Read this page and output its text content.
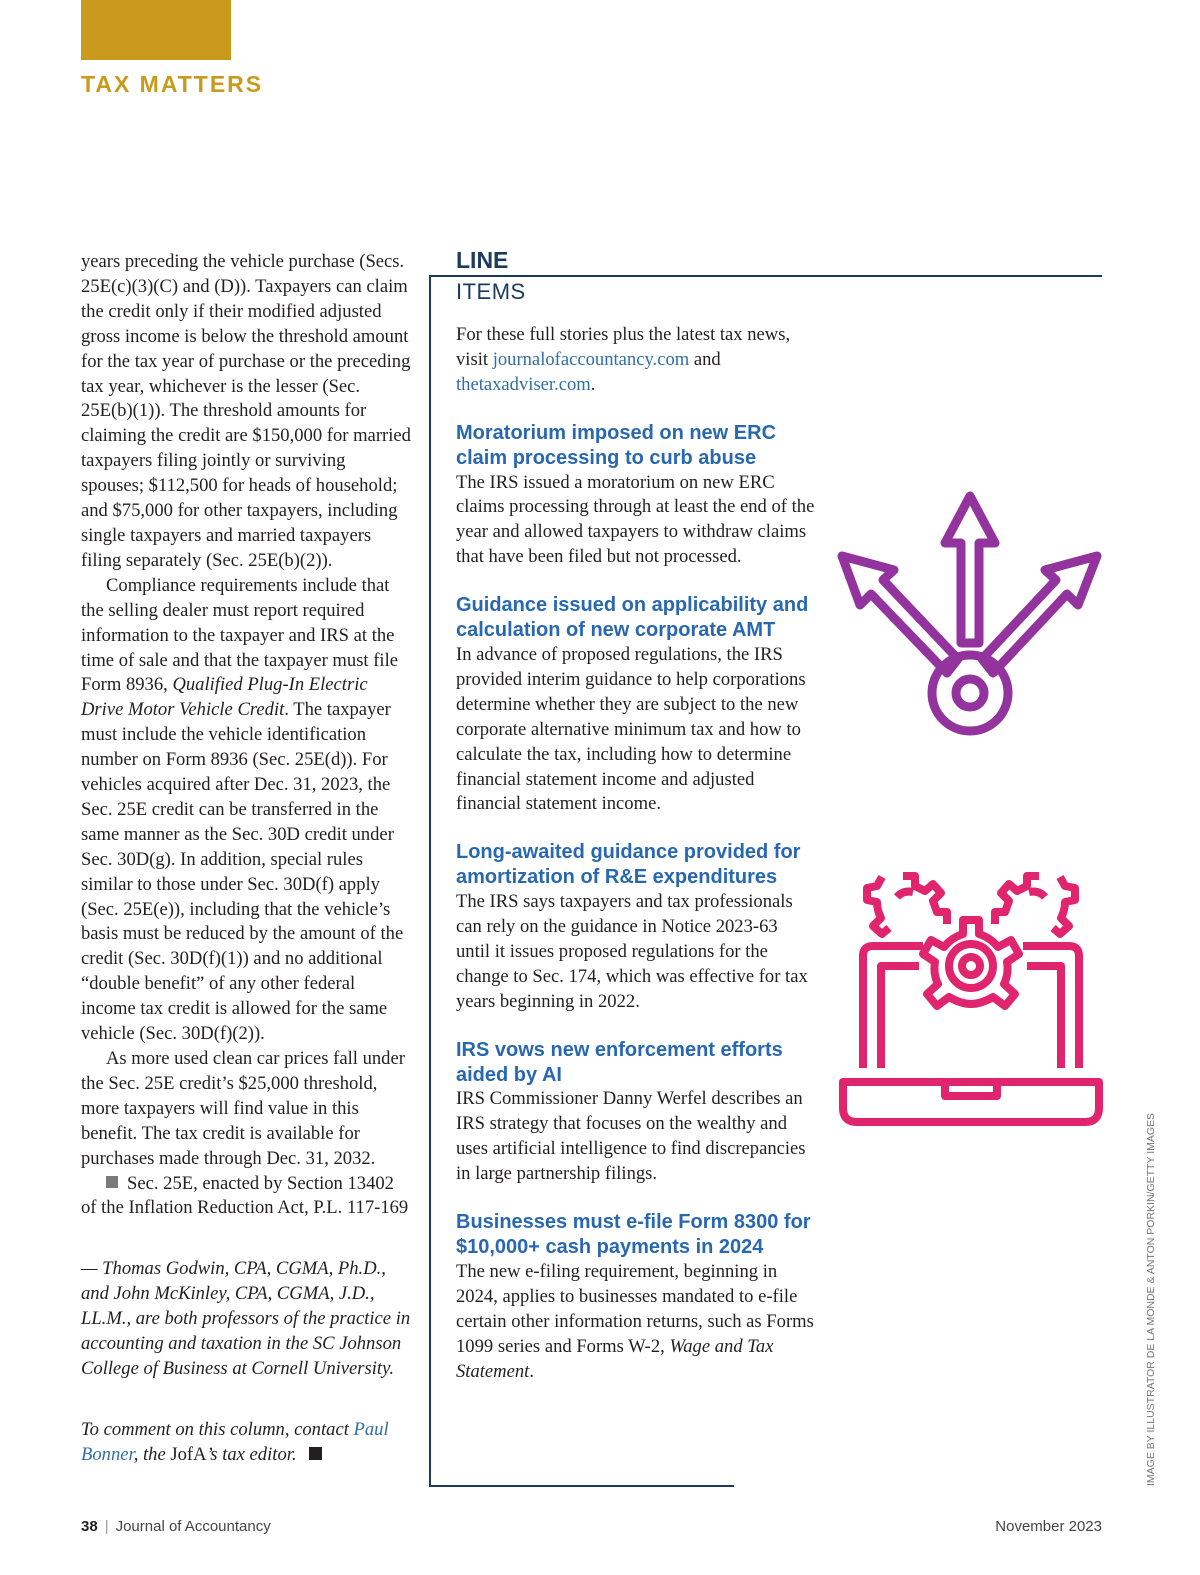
TAX MATTERS

years preceding the vehicle purchase (Secs. 25E(c)(3)(C) and (D)). Taxpayers can claim the credit only if their modified adjusted gross income is below the threshold amount for the tax year of purchase or the preceding tax year, whichever is the lesser (Sec. 25E(b)(1)). The threshold amounts for claiming the credit are $150,000 for married taxpayers filing jointly or surviving spouses; $112,500 for heads of household; and $75,000 for other taxpayers, including single taxpayers and married taxpayers filing separately (Sec. 25E(b)(2)).

Compliance requirements include that the selling dealer must report required information to the taxpayer and IRS at the time of sale and that the taxpayer must file Form 8936, Qualified Plug-In Electric Drive Motor Vehicle Credit. The taxpayer must include the vehicle identification number on Form 8936 (Sec. 25E(d)). For vehicles acquired after Dec. 31, 2023, the Sec. 25E credit can be transferred in the same manner as the Sec. 30D credit under Sec. 30D(g). In addition, special rules similar to those under Sec. 30D(f) apply (Sec. 25E(e)), including that the vehicle’s basis must be reduced by the amount of the credit (Sec. 30D(f)(1)) and no additional “double benefit” of any other federal income tax credit is allowed for the same vehicle (Sec. 30D(f)(2)).

As more used clean car prices fall under the Sec. 25E credit’s $25,000 threshold, more taxpayers will find value in this benefit. The tax credit is available for purchases made through Dec. 31, 2032.

Sec. 25E, enacted by Section 13402 of the Inflation Reduction Act, P.L. 117-169

— Thomas Godwin, CPA, CGMA, Ph.D., and John McKinley, CPA, CGMA, J.D., LL.M., are both professors of the practice in accounting and taxation in the SC Johnson College of Business at Cornell University.

To comment on this column, contact Paul Bonner, the JofA’s tax editor.

LINE

ITEMS

For these full stories plus the latest tax news, visit journalofaccountancy.com and thetaxadviser.com.

Moratorium imposed on new ERC claim processing to curb abuse

The IRS issued a moratorium on new ERC claims processing through at least the end of the year and allowed taxpayers to withdraw claims that have been filed but not processed.

Guidance issued on applicability and calculation of new corporate AMT

In advance of proposed regulations, the IRS provided interim guidance to help corporations determine whether they are subject to the new corporate alternative minimum tax and how to calculate the tax, including how to determine financial statement income and adjusted financial statement income.

Long-awaited guidance provided for amortization of R&E expenditures

The IRS says taxpayers and tax professionals can rely on the guidance in Notice 2023-63 until it issues proposed regulations for the change to Sec. 174, which was effective for tax years beginning in 2022.

IRS vows new enforcement efforts aided by AI

IRS Commissioner Danny Werfel describes an IRS strategy that focuses on the wealthy and uses artificial intelligence to find discrepancies in large partnership filings.

Businesses must e-file Form 8300 for $10,000+ cash payments in 2024

The new e-filing requirement, beginning in 2024, applies to businesses mandated to e-file certain other information returns, such as Forms 1099 series and Forms W-2, Wage and Tax Statement.	IMAGE BY ILLUSTRATOR DE LA MONDE & ANTON PORKIN/GETTY IMAGES

38 | Journal of Accountancy	November 2023
